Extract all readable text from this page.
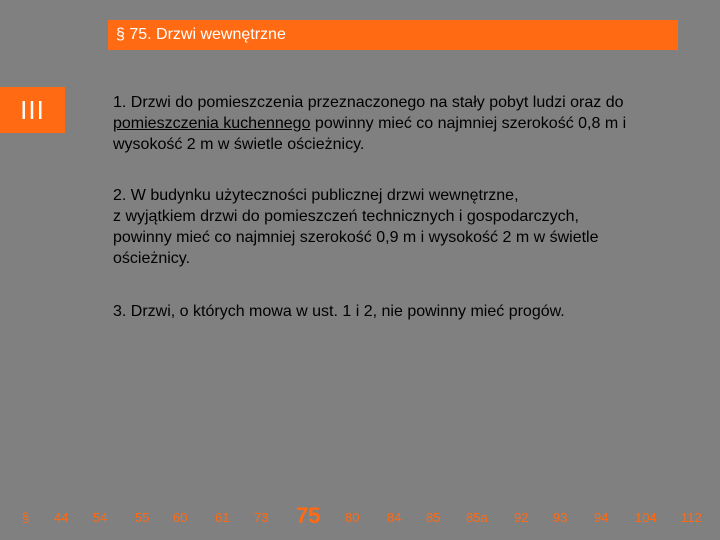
§ 75. Drzwi wewnętrzne
III	1. Drzwi do pomieszczenia przeznaczonego na stały pobyt ludzi oraz do pomieszczenia kuchennego powinny mieć co najmniej szerokość 0,8 m i wysokość 2 m w świetle ościeżnicy.

2. W budynku użyteczności publicznej drzwi wewnętrzne,
z wyjątkiem drzwi do pomieszczeń technicznych i gospodarczych,
powinny mieć co najmniej szerokość 0,9 m i wysokość 2 m w świetle
ościeżnicy.

3. Drzwi, o których mowa w ust. 1 i 2, nie powinny mieć progów.

§ 44 54 55 60 61 73 75 80 84 85 85a 92 93 94 104 112
